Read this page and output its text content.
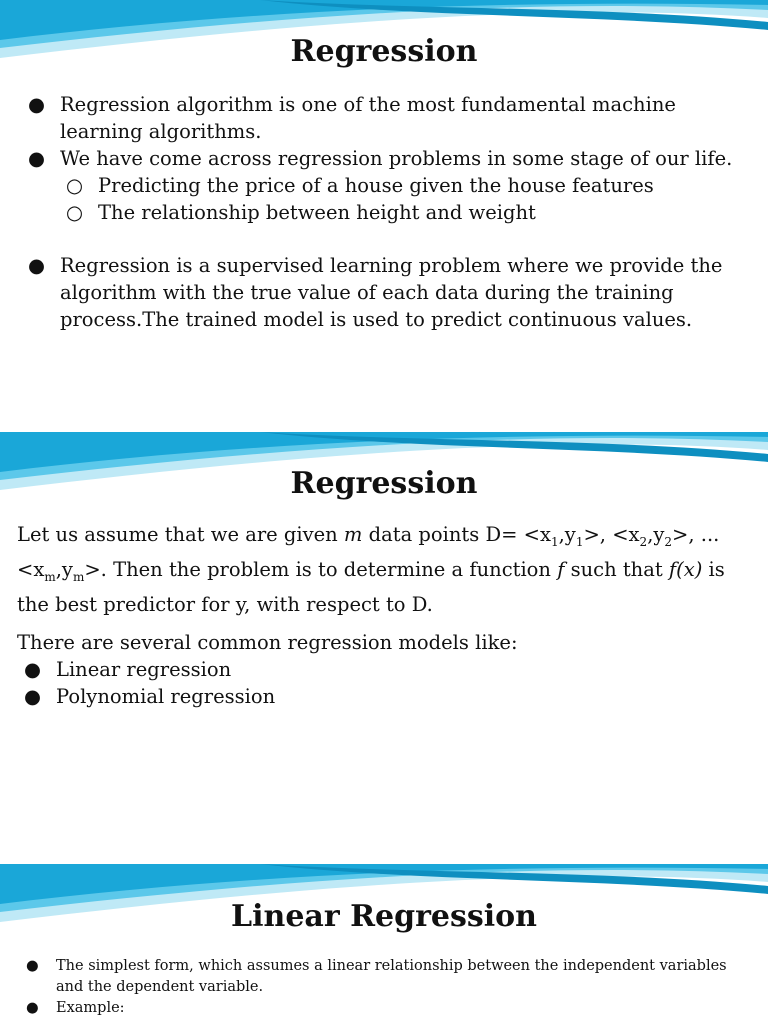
Regression
● Regression algorithm is one of the most fundamental machine learning algorithms.
● We have come across regression problems in some stage of our life.
○ Predicting the price of a house given the house features
○ The relationship between height and weight
● Regression is a supervised learning problem where we provide the algorithm with the true value of each data during the training process.The trained model is used to predict continuous values.
Regression

Let us assume that we are given m data points $D= <x_1,y_1>$, $<x_2,y_2>$, ... $<x_m,y_m>$. Then the problem is to determine a function f such that f(x) is the best predictor for y, with respect to D.

There are several common regression models like:

● Linear regression
● Polynomial regression
Linear Regression
● The simplest form, which assumes a linear relationship between the independent variables and the dependent variable.
● Example:
